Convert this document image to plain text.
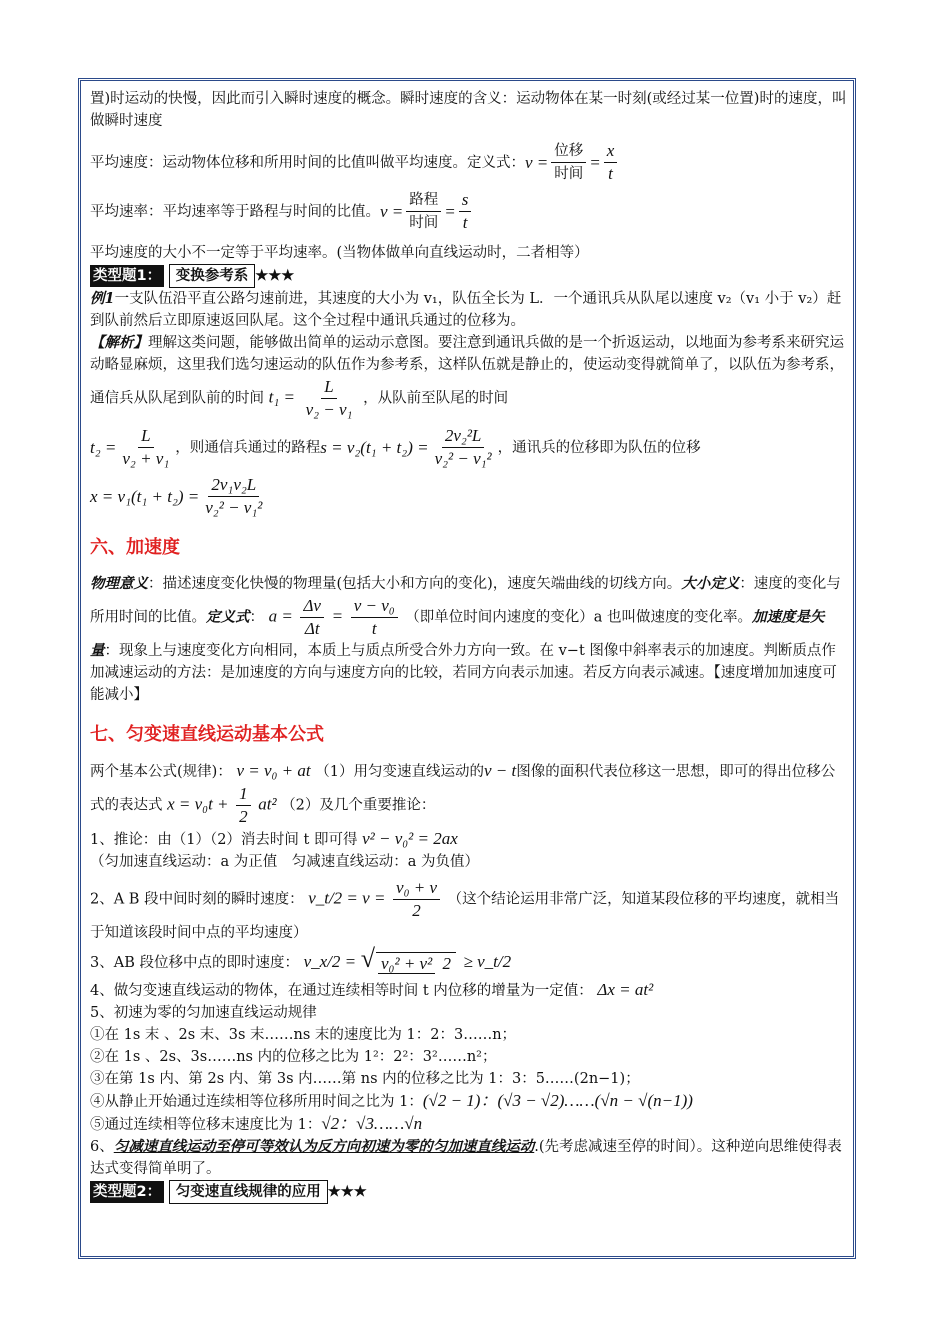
置)时运动的快慢，因此而引入瞬时速度的概念。瞬时速度的含义：运动物体在某一时刻(或经过某一位置)时的速度，叫做瞬时速度

平均速度：运动物体位移和所用时间的比值叫做平均速度。定义式： $v = \frac{\text{位移}}{\text{时间}} = \frac{x}{t}$
平均速率：平均速率等于路程与时间的比值。 $v = \frac{\text{路程}}{\text{时间}} = \frac{s}{t}$

平均速度的大小不一定等于平均速率。(当物体做单向直线运动时，二者相等）

类型题1： 变换参考系 ★★★

例1一支队伍沿平直公路匀速前进，其速度的大小为 v₁，队伍全长为 L．一个通讯兵从队尾以速度 v₂（v₁ 小于 v₂）赶到队前然后立即原速返回队尾。这个全过程中通讯兵通过的位移为。

【解析】理解这类问题，能够做出简单的运动示意图。要注意到通讯兵做的是一个折返运动，以地面为参考系来研究运动略显麻烦，这里我们选匀速运动的队伍作为参考系，这样队伍就是静止的，使运动变得就简单了，以队伍为参考系，通信兵从队尾到队前的时间 $t_1 = \frac{L}{\text{v₂ − v₁}}$ ，从队前至队尾的时间

$t_2 = \frac{L}{\text{v₂ + v₁}}$ ，则通信兵通过的路程 $s = v_2(t_1 + t_2) = \frac{\text{2v₂²L}}{\text{v₂² − v₁²}}$ ，通讯兵的位移即为队伍的位移
$x = v_1(t_1 + t_2) = \frac{\text{2v₁v₂L}}{\text{v₂² − v₁²}}$
六、加速度

物理意义：描述速度变化快慢的物理量(包括大小和方向的变化)，速度矢端曲线的切线方向。大小定义：速度的变化与所用时间的比值。定义式： $a = \frac{\Delta v}{\Delta t} = \frac{\text{v − v₀}}{t}$ （即单位时间内速度的变化）a 也叫做速度的变化率。加速度是矢量：现象上与速度变化方向相同，本质上与质点所受合外力方向一致。在 v−t 图像中斜率表示的加速度。判断质点作加减速运动的方法：是加速度的方向与速度方向的比较，若同方向表示加速。若反方向表示减速。【速度增加加速度可能减小】

七、匀变速直线运动基本公式

两个基本公式(规律)： v = v₀ + at （1）用匀变速直线运动的v − t图像的面积代表位移这一思想，即可的得出位移公式的表达式 $x = v_0t + \frac{1}{2} at^2$ （2）及几个重要推论：

1、推论：由（1）（2）消去时间 t 即可得 v² − v₀² = 2ax （匀加速直线运动：a 为正值　匀减速直线运动：a 为负值）

2、A B 段中间时刻的瞬时速度： v_t/2 = $v = \frac{\text{v₀ + v}}{2}$ （这个结论运用非常广泛，知道某段位移的平均速度，就相当于知道该段时间中点的平均速度）

3、AB 段位移中点的即时速度： v_x/2 = √ v₀² + v² 2 ≥ v_t/2

4、做匀变速直线运动的物体，在通过连续相等时间 t 内位移的增量为一定值： Δx = at²

5、初速为零的匀加速直线运动规律

①在 1s 末 、2s 末、3s 末……ns 末的速度比为 1：2：3……n；

②在 1s 、2s、3s……ns 内的位移之比为 1²：2²：3²……n²；

③在第 1s 内、第 2s 内、第 3s 内……第 ns 内的位移之比为 1：3：5……(2n−1)；

④从静止开始通过连续相等位移所用时间之比为 1：(√2 − 1)：(√3 − √2)……(√n − √(n−1))

⑤通过连续相等位移末速度比为 1：√2：√3……√n

6、匀减速直线运动至停可等效认为反方向初速为零的匀加速直线运动.(先考虑减速至停的时间）。这种逆向思维使得表达式变得简单明了。

类型题2： 匀变速直线规律的应用 ★★★
